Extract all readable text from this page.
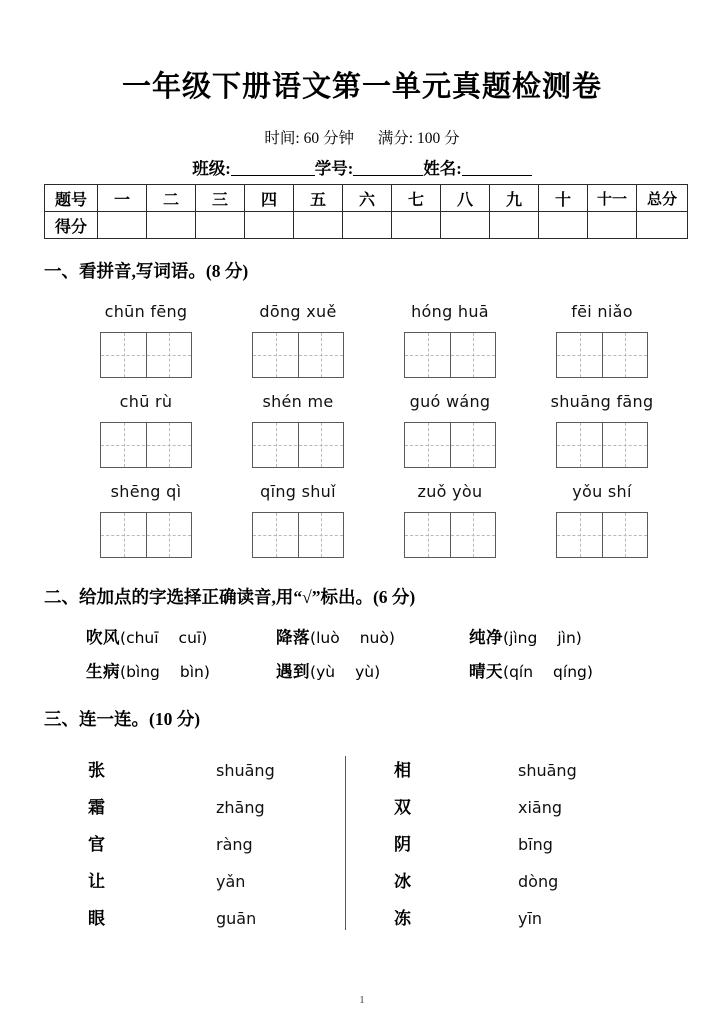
一年级下册语文第一单元真题检测卷
时间: 60 分钟 满分: 100 分
班级:	学号:	姓名:
题号	一	二	三	四	五	六	七	八	九	十	十一	总分
得分												
一、看拼音,写词语。(8 分)
chūn fēng	dōng xuě	hóng huā	fēi niǎo
chū rù	shén me	guó wáng	shuāng fāng
shēng qì	qīng shuǐ	zuǒ yòu	yǒu shí
二、给加点的字选择正确读音,用“√”标出。(6 分)
吹风(chuī cuī)	降落(luò nuò)	纯净(jìng jìn)
生病(bìng bìn)	遇到(yù yù)	晴天(qín qíng)
三、连一连。(10 分)
张	shuāng
霜	zhāng
官	ràng
让	yǎn
眼	guān
相	shuāng
双	xiāng
阴	bīng
冰	dòng
冻	yīn
1
